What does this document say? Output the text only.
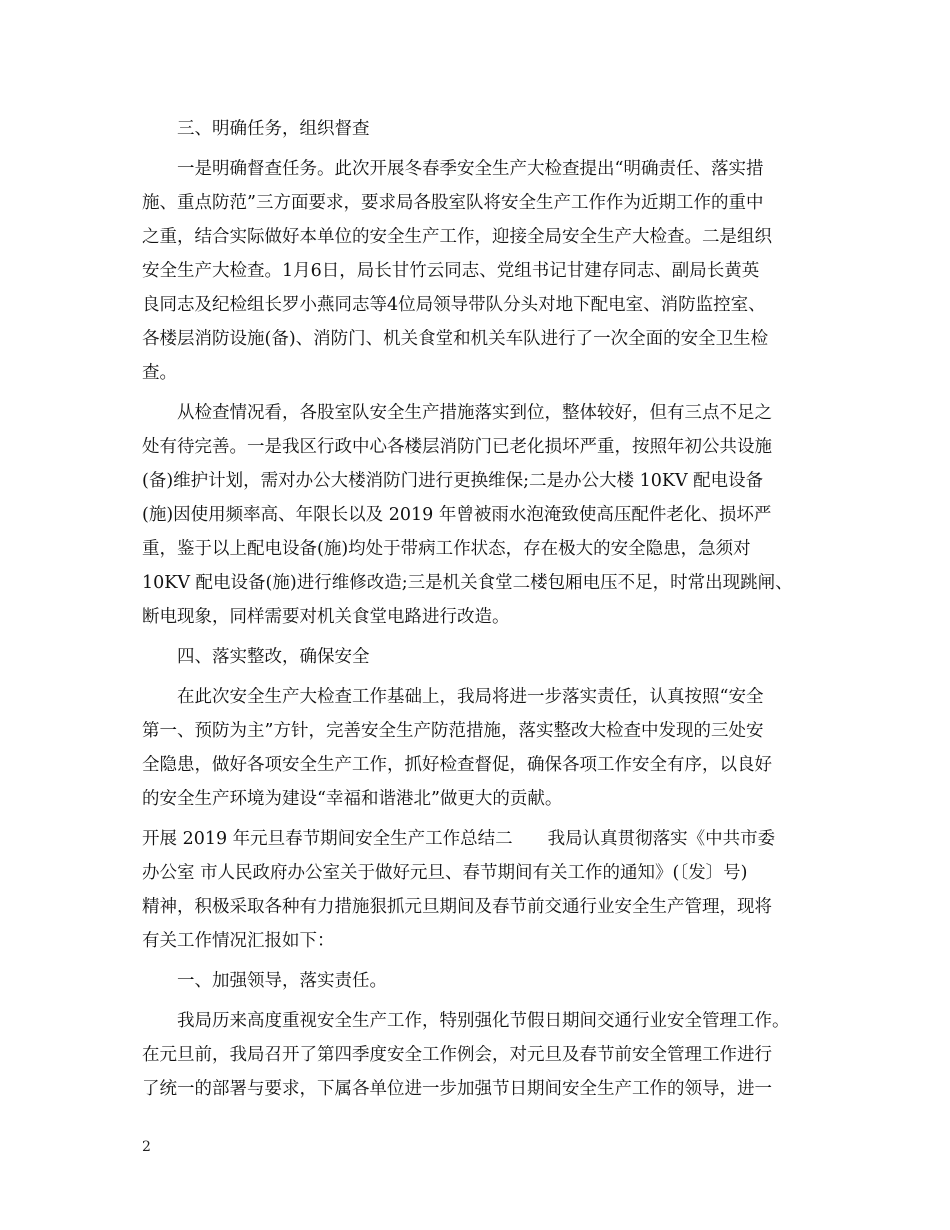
三、明确任务，组织督查
一是明确督查任务。此次开展冬春季安全生产大检查提出“明确责任、落实措
施、重点防范”三方面要求，要求局各股室队将安全生产工作作为近期工作的重中
之重，结合实际做好本单位的安全生产工作，迎接全局安全生产大检查。二是组织
安全生产大检查。1月6日，局长甘竹云同志、党组书记甘建存同志、副局长黄英
良同志及纪检组长罗小燕同志等4位局领导带队分头对地下配电室、消防监控室、
各楼层消防设施(备)、消防门、机关食堂和机关车队进行了一次全面的安全卫生检
查。
从检查情况看，各股室队安全生产措施落实到位，整体较好，但有三点不足之
处有待完善。一是我区行政中心各楼层消防门已老化损坏严重，按照年初公共设施
(备)维护计划，需对办公大楼消防门进行更换维保;二是办公大楼 10KV 配电设备
(施)因使用频率高、年限长以及 2019 年曾被雨水泡淹致使高压配件老化、损坏严
重，鉴于以上配电设备(施)均处于带病工作状态，存在极大的安全隐患，急须对
10KV 配电设备(施)进行维修改造;三是机关食堂二楼包厢电压不足，时常出现跳闸、
断电现象，同样需要对机关食堂电路进行改造。
四、落实整改，确保安全
在此次安全生产大检查工作基础上，我局将进一步落实责任，认真按照“安全
第一、预防为主”方针，完善安全生产防范措施，落实整改大检查中发现的三处安
全隐患，做好各项安全生产工作，抓好检查督促，确保各项工作安全有序，以良好
的安全生产环境为建设“幸福和谐港北”做更大的贡献。
开展 2019 年元旦春节期间安全生产工作总结二　　我局认真贯彻落实《中共市委
办公室 市人民政府办公室关于做好元旦、春节期间有关工作的通知》(〔发〕号)
精神，积极采取各种有力措施狠抓元旦期间及春节前交通行业安全生产管理，现将
有关工作情况汇报如下：
一、加强领导，落实责任。
我局历来高度重视安全生产工作，特别强化节假日期间交通行业安全管理工作。
在元旦前，我局召开了第四季度安全工作例会，对元旦及春节前安全管理工作进行
了统一的部署与要求，下属各单位进一步加强节日期间安全生产工作的领导，进一
2
